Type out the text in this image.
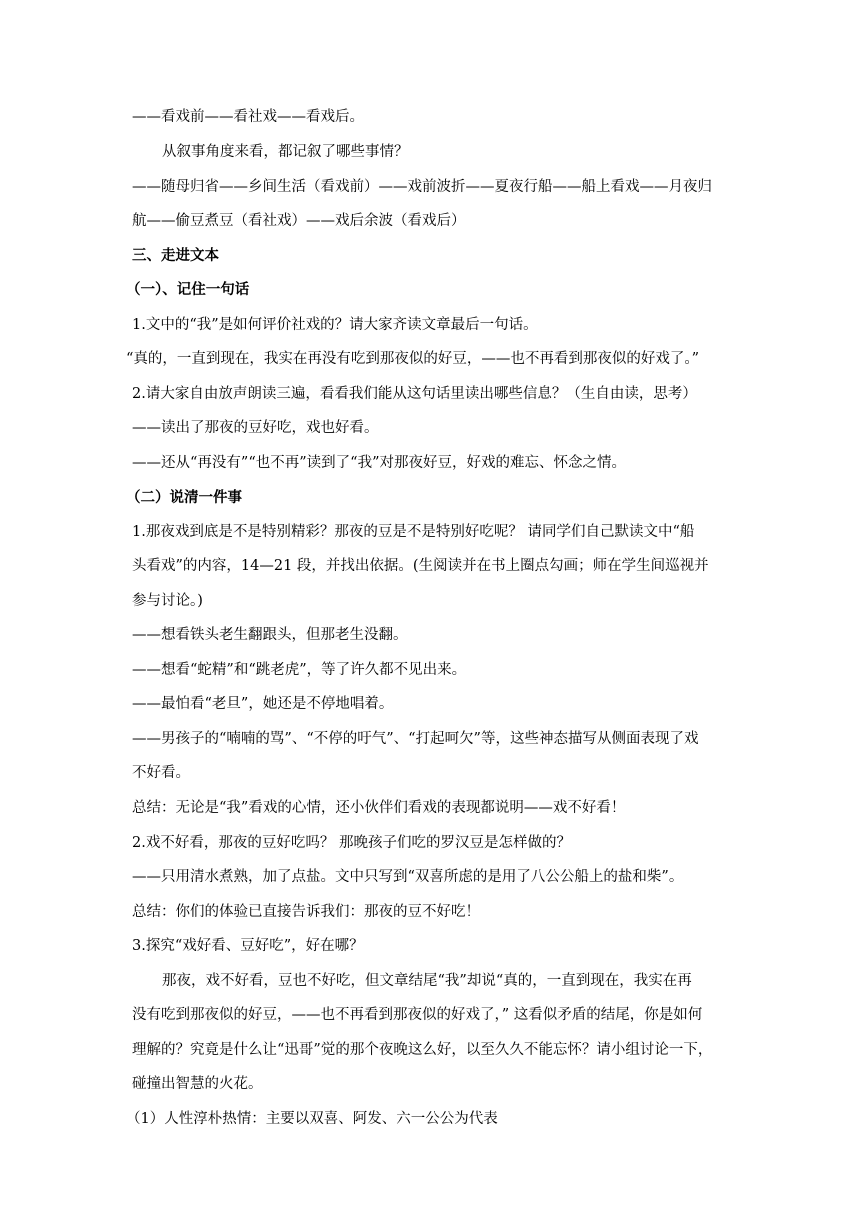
——看戏前——看社戏——看戏后。

从叙事角度来看，都记叙了哪些事情？

——随母归省——乡间生活（看戏前）——戏前波折——夏夜行船——船上看戏——月夜归

航——偷豆煮豆（看社戏）——戏后余波（看戏后）

三、走进文本

（一）、记住一句话

1.文中的“我”是如何评价社戏的？请大家齐读文章最后一句话。

“真的，一直到现在，我实在再没有吃到那夜似的好豆，——也不再看到那夜似的好戏了。”

2.请大家自由放声朗读三遍，看看我们能从这句话里读出哪些信息？（生自由读，思考）

——读出了那夜的豆好吃，戏也好看。

——还从“再没有”“也不再”读到了“我”对那夜好豆，好戏的难忘、怀念之情。

（二）说清一件事

1.那夜戏到底是不是特别精彩？那夜的豆是不是特别好吃呢？ 请同学们自己默读文中“船

头看戏”的内容，14—21 段，并找出依据。(生阅读并在书上圈点勾画；师在学生间巡视并

参与讨论。)

——想看铁头老生翻跟头，但那老生没翻。

——想看“蛇精”和“跳老虎”，等了许久都不见出来。

——最怕看“老旦”，她还是不停地唱着。

——男孩子的“喃喃的骂”、“不停的吁气”、“打起呵欠”等，这些神态描写从侧面表现了戏

不好看。

总结：无论是“我”看戏的心情，还小伙伴们看戏的表现都说明——戏不好看！

2.戏不好看，那夜的豆好吃吗？ 那晚孩子们吃的罗汉豆是怎样做的？

——只用清水煮熟，加了点盐。文中只写到“双喜所虑的是用了八公公船上的盐和柴”。

总结：你们的体验已直接告诉我们：那夜的豆不好吃！

3.探究“戏好看、豆好吃”，好在哪？

那夜，戏不好看，豆也不好吃，但文章结尾“我”却说“真的，一直到现在，我实在再

没有吃到那夜似的好豆，——也不再看到那夜似的好戏了，” 这看似矛盾的结尾，你是如何

理解的？究竟是什么让“迅哥”觉的那个夜晚这么好，以至久久不能忘怀？请小组讨论一下，

碰撞出智慧的火花。

（1）人性淳朴热情：主要以双喜、阿发、六一公公为代表
